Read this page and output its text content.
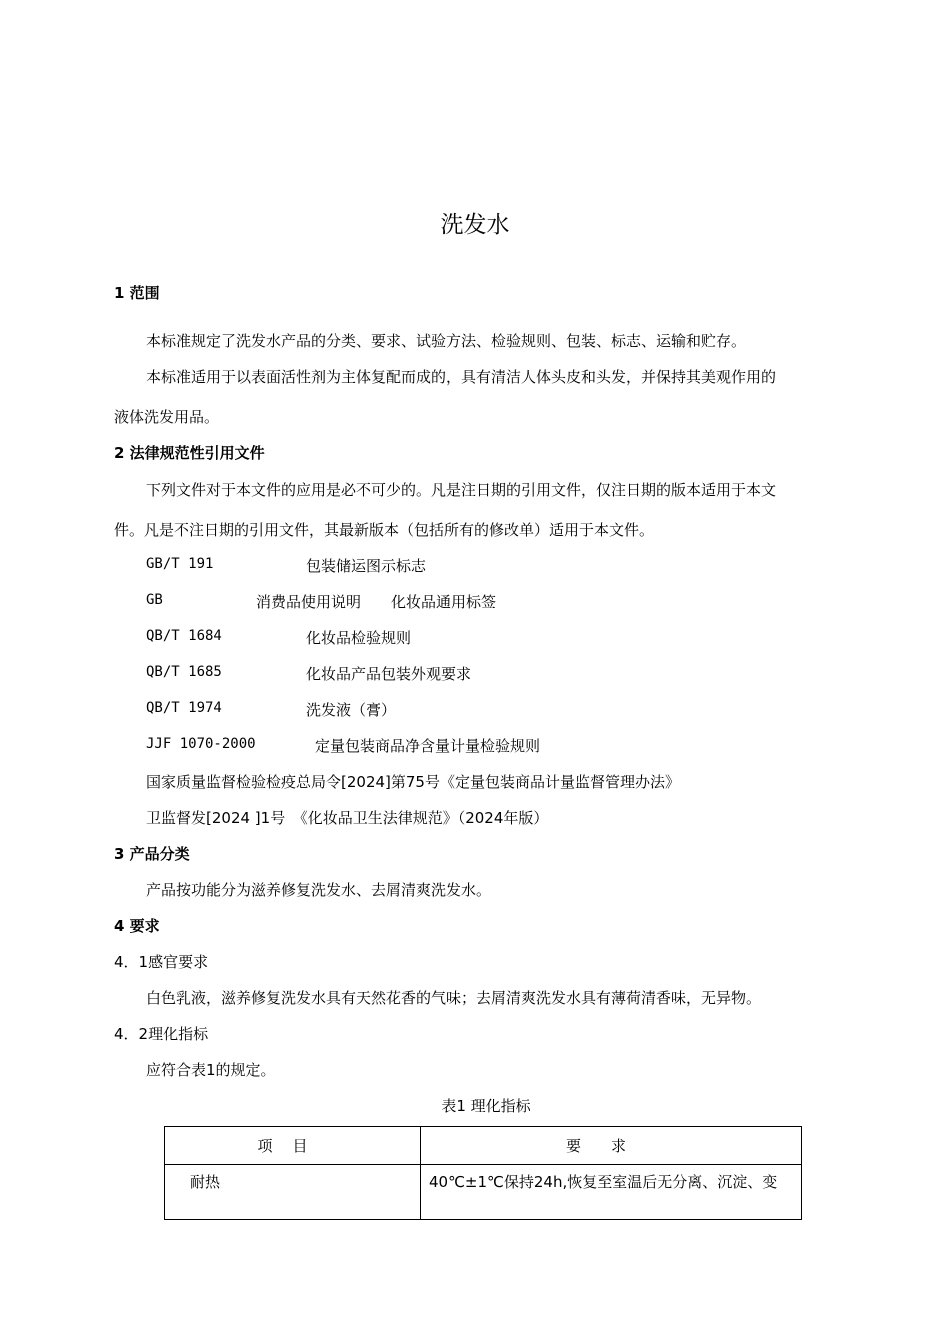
洗发水
1 范围
本标准规定了洗发水产品的分类、要求、试验方法、检验规则、包装、标志、运输和贮存。
本标准适用于以表面活性剂为主体复配而成的，具有清洁人体头皮和头发，并保持其美观作用的
液体洗发用品。
2 法律规范性引用文件
下列文件对于本文件的应用是必不可少的。凡是注日期的引用文件，仅注日期的版本适用于本文
件。凡是不注日期的引用文件，其最新版本（包括所有的修改单）适用于本文件。
GB/T 191	包装储运图示标志
GB	消费品使用说明　　化妆品通用标签
QB/T 1684	化妆品检验规则
QB/T 1685	化妆品产品包装外观要求
QB/T 1974	洗发液（膏）
JJF 1070-2000	定量包装商品净含量计量检验规则
国家质量监督检验检疫总局令[2024]第75号《定量包装商品计量监督管理办法》
卫监督发[2024 ]1号　《化妆品卫生法律规范》（2024年版）
3 产品分类
产品按功能分为滋养修复洗发水、去屑清爽洗发水。
4 要求
4．1感官要求
白色乳液，滋养修复洗发水具有天然花香的气味；去屑清爽洗发水具有薄荷清香味，无异物。
4．2理化指标
应符合表1的规定。
表1 理化指标
项目	要求
耐热	40℃±1℃保持24h,恢复至室温后无分离、沉淀、变
